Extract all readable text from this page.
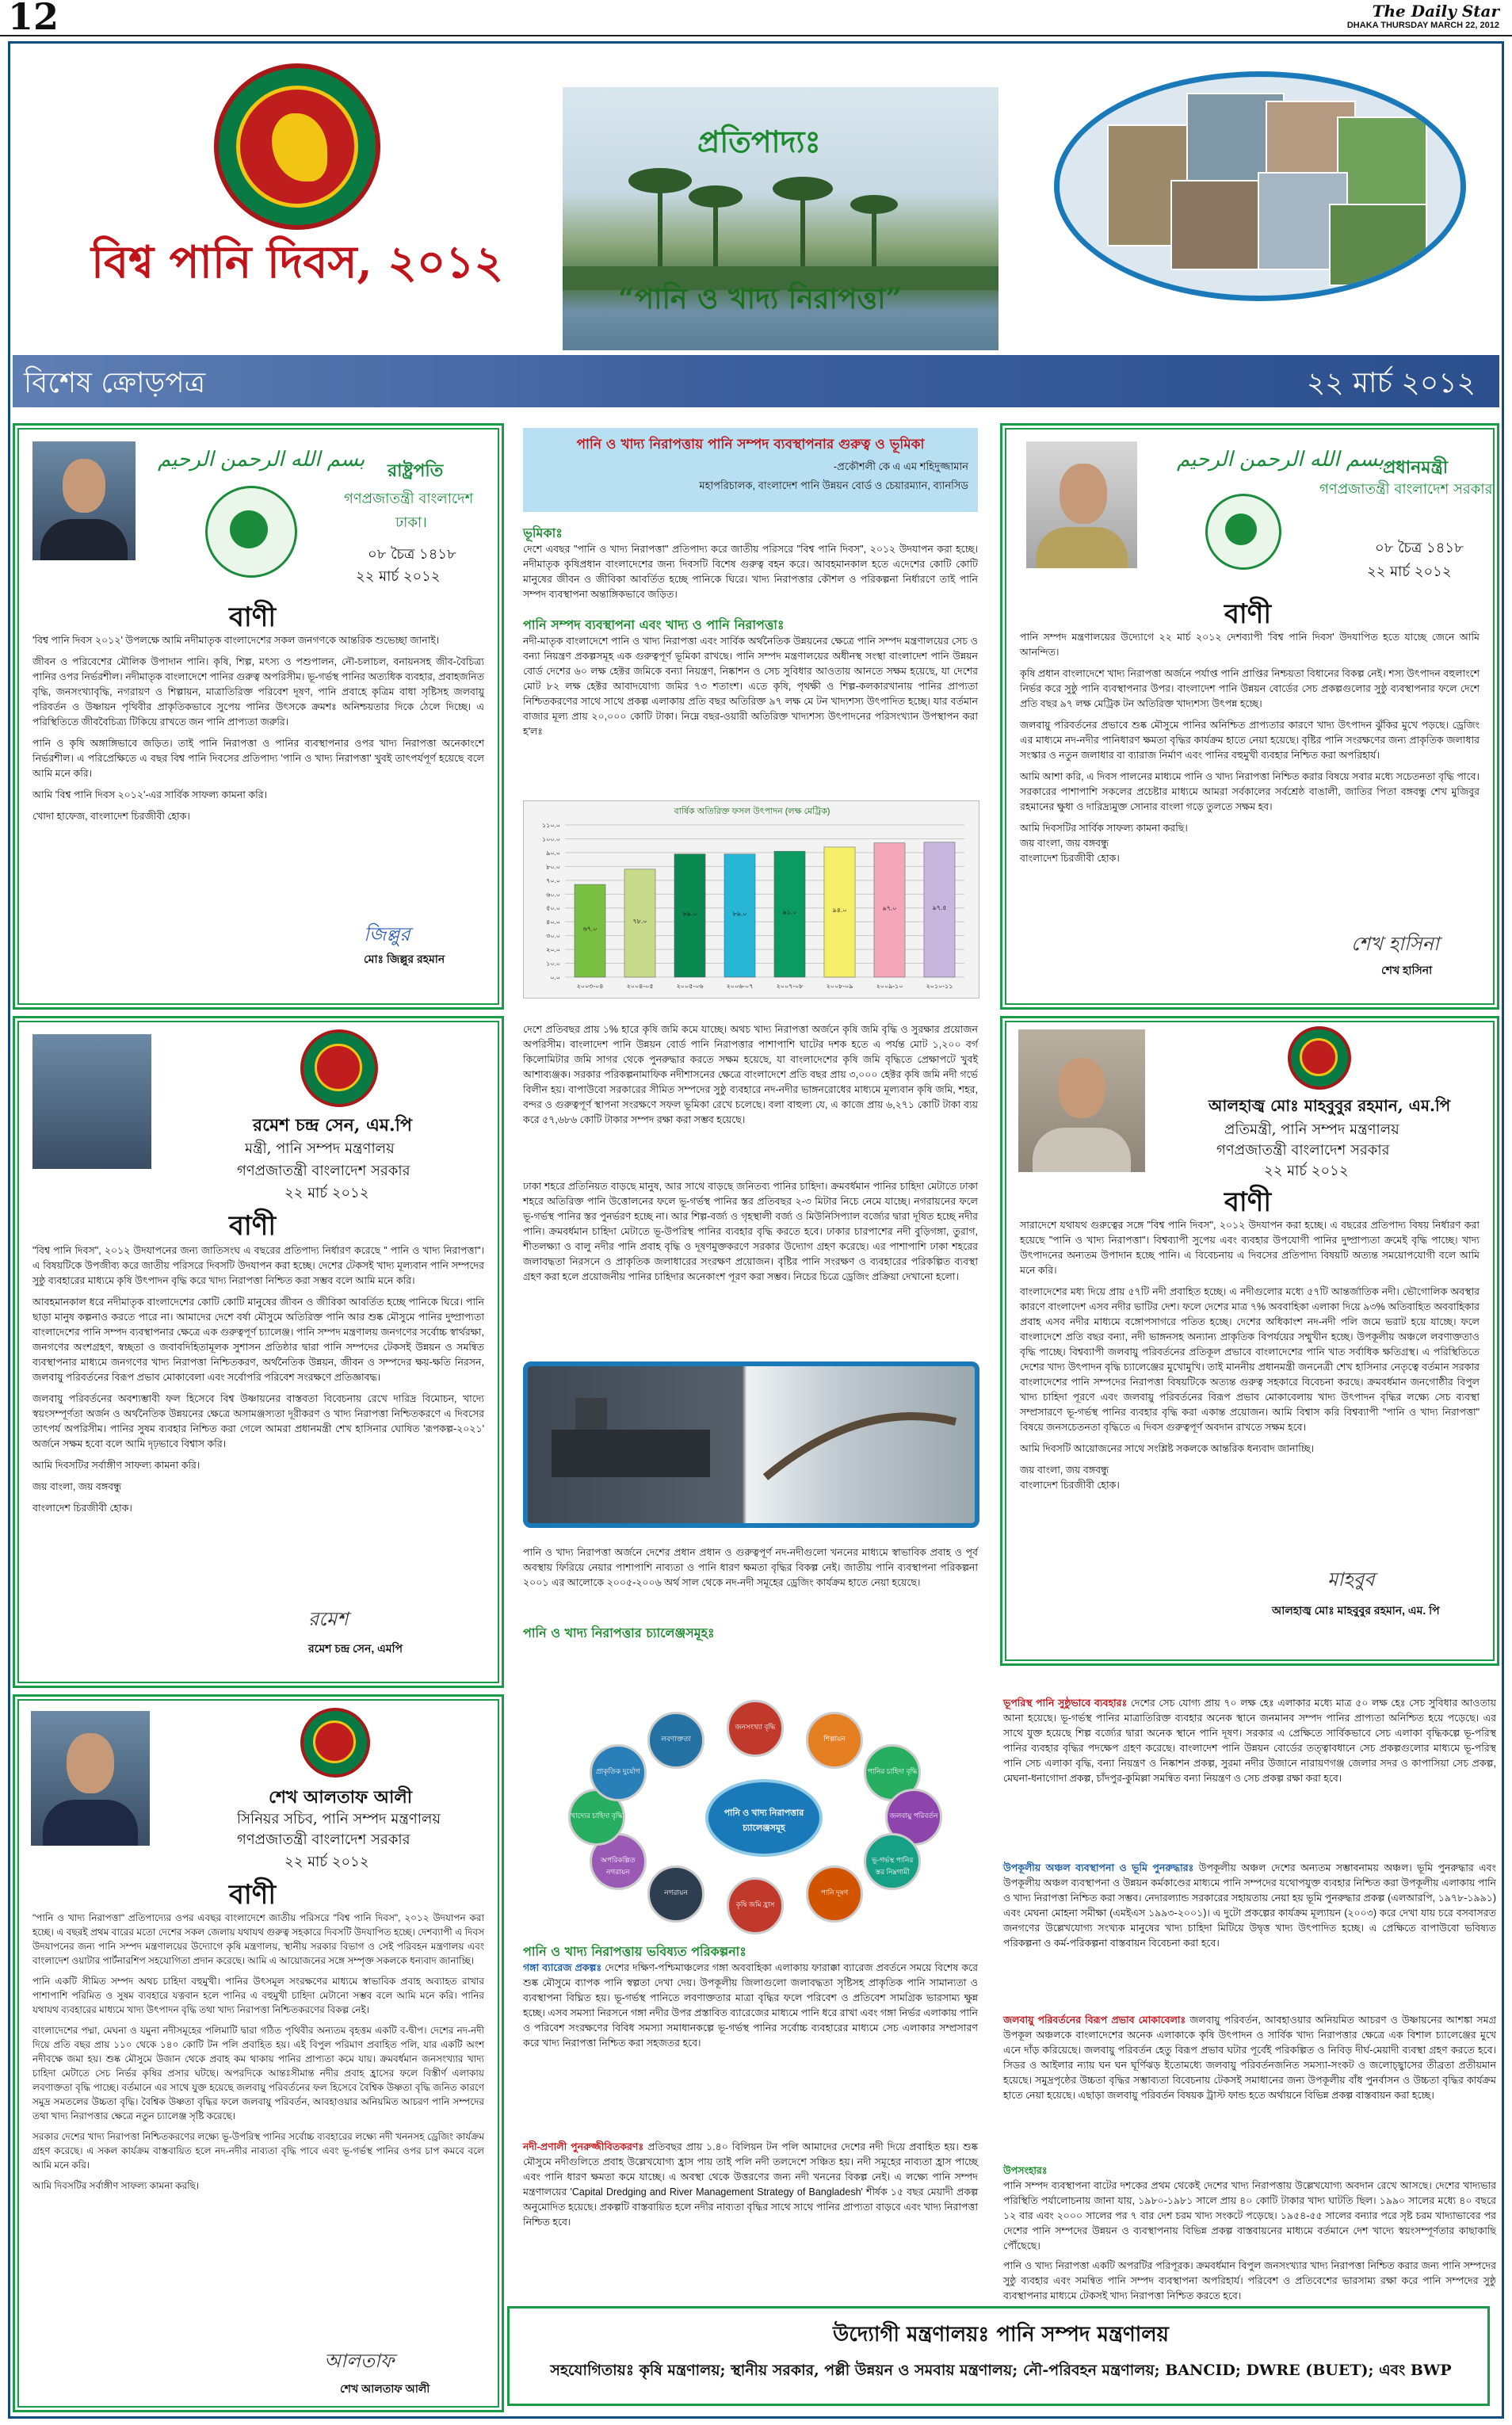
12	The Daily Star
DHAKA THURSDAY MARCH 22, 2012
বিশ্ব পানি দিবস, ২০১২
প্রতিপাদ্যঃ
“পানি ও খাদ্য নিরাপত্তা”
বিশেষ ক্রোড়পত্র	২২ মার্চ ২০১২
بسم الله الرحمن الرحيم রাষ্ট্রপতি
গণপ্রজাতন্ত্রী বাংলাদেশ
ঢাকা।
০৮ চৈত্র ১৪১৮
২২ মার্চ ২০১২
বাণী

'বিশ্ব পানি দিবস ২০১২' উপলক্ষে আমি নদীমাতৃক বাংলাদেশের সকল জনগণকে আন্তরিক শুভেচ্ছা জানাই।

জীবন ও পরিবেশের মৌলিক উপাদান পানি। কৃষি, শিল্প, মৎস্য ও পশুপালন, নৌ-চলাচল, বনায়নসহ জীব-বৈচিত্র্য পানির ওপর নির্ভরশীল। নদীমাতৃক বাংলাদেশে পানির গুরুত্ব অপরিসীম। ভূ-গর্ভস্থ পানির অত্যধিক ব্যবহার, প্রবাহজনিত বৃদ্ধি, জনসংখ্যাবৃদ্ধি, নগরায়ণ ও শিল্পায়ন, মাত্রাতিরিক্ত পরিবেশ দূষণ, পানি প্রবাহে কৃত্রিম বাধা সৃষ্টিসহ জলবায়ু পরিবর্তন ও উষ্ণায়ন পৃথিবীর প্রাকৃতিকভাবে সুপেয় পানির উৎসকে ক্রমশঃ অনিশ্চয়তার দিকে ঠেলে দিচ্ছে। এ পরিস্থিতিতে জীববৈচিত্র্য টিকিয়ে রাখতে জন পানি প্রাপ্যতা জরুরি।

পানি ও কৃষি অঙ্গাঙ্গিভাবে জড়িত। তাই পানি নিরাপত্তা ও পানির ব্যবস্থাপনার ওপর খাদ্য নিরাপত্তা অনেকাংশে নির্ভরশীল। এ পরিপ্রেক্ষিতে এ বছর বিশ্ব পানি দিবসের প্রতিপাদ্য 'পানি ও খাদ্য নিরাপত্তা' খুবই তাৎপর্যপূর্ণ হয়েছে বলে আমি মনে করি।

আমি 'বিশ্ব পানি দিবস ২০১২'-এর সার্বিক সাফল্য কামনা করি।

খোদা হাফেজ, বাংলাদেশ চিরজীবী হোক।

জিল্লুর
মোঃ জিল্লুর রহমান
পানি ও খাদ্য নিরাপত্তায় পানি সম্পদ ব্যবস্থাপনার গুরুত্ব ও ভূমিকা
-প্রকৌশলী কে এ এম শহিদুজ্জামান
মহাপরিচালক, বাংলাদেশ পানি উন্নয়ন বোর্ড ও চেয়ারম্যান, ব্যানসিড
ভূমিকাঃ
দেশে এবছর "পানি ও খাদ্য নিরাপত্তা" প্রতিপাদ্য করে জাতীয় পরিসরে "বিশ্ব পানি দিবস", ২০১২ উদযাপন করা হচ্ছে। নদীমাতৃক কৃষিপ্রধান বাংলাদেশের জন্য দিবসটি বিশেষ গুরুত্ব বহন করে। আবহমানকাল হতে এদেশের কোটি কোটি মানুষের জীবন ও জীবিকা আবর্তিত হচ্ছে পানিকে ঘিরে। খাদ্য নিরাপত্তার কৌশল ও পরিকল্পনা নির্ধারণে তাই পানি সম্পদ ব্যবস্থাপনা অন্তাঙ্গিকভাবে জড়িত।
পানি সম্পদ ব্যবস্থাপনা এবং খাদ্য ও পানি নিরাপত্তাঃ
নদী-মাতৃক বাংলাদেশে পানি ও খাদ্য নিরাপত্তা এবং সার্বিক অর্থনৈতিক উন্নয়নের ক্ষেত্রে পানি সম্পদ মন্ত্রণালয়ের সেচ ও বন্যা নিয়ন্ত্রণ প্রকল্পসমূহ এক গুরুত্বপূর্ণ ভূমিকা রাখছে। পানি সম্পদ মন্ত্রণালয়ের অধীনস্থ সংস্থা বাংলাদেশ পানি উন্নয়ন বোর্ড দেশের ৬০ লক্ষ হেক্টর জমিকে বন্যা নিয়ন্ত্রণ, নিষ্কাশন ও সেচ সুবিধার আওতায় আনতে সক্ষম হয়েছে, যা দেশের মোট ৮২ লক্ষ হেক্টর আবাদযোগ্য জমির ৭৩ শতাংশ। এতে কৃষি, পৃথক্ষী ও শিল্প-কলকারখানায় পানির প্রাপ্যতা নিশ্চিতকরণের সাথে সাথে প্রকল্প এলাকায় প্রতি বছর অতিরিক্ত ৯৭ লক্ষ মে টন খাদ্যশস্য উৎপাদিত হচ্ছে। যার বর্তমান বাজার মূল্য প্রায় ২০,০০০ কোটি টাকা। নিম্নে বছর-ওয়ারী অতিরিক্ত খাদ্যশস্য উৎপাদনের পরিসংখ্যান উপস্থাপন করা হ'লঃ
বার্ষিক অতিরিক্ত ফসল উৎপাদন (লক্ষ মেট্রিক)
০.০
১০.০
২০.০
৩০.০
৪০.০
৫০.০
৬০.০
৭০.০
৮০.০
৯০.০
১০০.০
১১০.০
৬৭.০
৭৮.০
৮৯.০	৮৯.০	৯১.০	৯৪.০	৯৭.০	৯৭.৫
২০০৩-০৪	২০০৪-০৫	২০০৫-০৬	২০০৬-০৭	২০০৭-০৮	২০০৮-০৯	২০০৯-১০	২০১০-১১
রমেশ চন্দ্র সেন, এম.পি
মন্ত্রী, পানি সম্পদ মন্ত্রণালয়
গণপ্রজাতন্ত্রী বাংলাদেশ সরকার
২২ মার্চ ২০১২
বাণী

"বিশ্ব পানি দিবস", ২০১২ উদযাপনের জন্য জাতিসংঘ এ বছরের প্রতিপাদ্য নির্ধারণ করেছে " পানি ও খাদ্য নিরাপত্তা"। এ বিষয়টিকে উপজীব্য করে জাতীয় পরিসরে দিবসটি উদযাপন করা হচ্ছে। দেশের টেকসই খাদ্য মূল্যবান পানি সম্পদের সুষ্ঠু ব্যবহারের মাধ্যমে কৃষি উৎপাদন বৃদ্ধি করে খাদ্য নিরাপত্তা নিশ্চিত করা সম্ভব বলে আমি মনে করি।

আবহমানকাল ধরে নদীমাতৃক বাংলাদেশের কোটি কোটি মানুষের জীবন ও জীবিকা আবর্তিত হচ্ছে পানিকে ঘিরে। পানি ছাড়া মানুষ কল্পনাও করতে পারে না। আমাদের দেশে বর্ষা মৌসুমে অতিরিক্ত পানি আর শুষ্ক মৌসুমে পানির দুষ্প্রাপ্যতা বাংলাদেশের পানি সম্পদ ব্যবস্থাপনার ক্ষেত্রে এক গুরুত্বপূর্ণ চ্যালেঞ্জ। পানি সম্পদ মন্ত্রণালয় জনগণের সর্বোচ্চ স্বার্থরক্ষা, জনগণের অংশগ্রহণ, স্বচ্ছতা ও জবাবদিহিতামূলক সুশাসন প্রতিষ্ঠার দ্বারা পানি সম্পদের টেকসই উন্নয়ন ও সমন্বিত ব্যবস্থাপনার মাধ্যমে জনগণের খাদ্য নিরাপত্তা নিশ্চিতকরণ, অর্থনৈতিক উন্নয়ন, জীবন ও সম্পদের ক্ষয়-ক্ষতি নিরসন, জলবায়ু পরিবর্তনের বিরূপ প্রভাব মোকাবেলা এবং সর্বোপরি পরিবেশ সংরক্ষণে প্রতিজ্ঞাবদ্ধ।

জলবায়ু পরিবর্তনের অবশ্যম্ভাবী ফল হিসেবে বিশ্ব উষ্ণায়নের বাস্তবতা বিবেচনায় রেখে দারিদ্র বিমোচন, খাদ্যে স্বয়ংসম্পূর্ণতা অর্জন ও অর্থনৈতিক উন্নয়নের ক্ষেত্রে অসামঞ্জস্যতা দূরীকরণ ও খাদ্য নিরাপত্তা নিশ্চিতকরণে এ দিবসের তাৎপর্য অপরিসীম। পানির সুষম ব্যবহার নিশ্চিত করা গেলে আমরা প্রধানমন্ত্রী শেখ হাসিনার ঘোষিত 'রূপকল্প-২০২১' অর্জনে সক্ষম হবো বলে আমি দৃঢ়ভাবে বিশ্বাস করি।

আমি দিবসটির সর্বাঙ্গীণ সাফল্য কামনা করি।

জয় বাংলা, জয় বঙ্গবন্ধু

বাংলাদেশ চিরজীবী হোক।

রমেশ
রমেশ চন্দ্র সেন, এমপি
দেশে প্রতিবছর প্রায় ১% হারে কৃষি জমি কমে যাচ্ছে। অথচ খাদ্য নিরাপত্তা অর্জনে কৃষি জমি বৃদ্ধি ও সুরক্ষার প্রয়োজন অপরিসীম। বাংলাদেশ পানি উন্নয়ন বোর্ড পানি নিরাপত্তার পাশাপাশি ঘাটের দশক হতে এ পর্যন্ত মোট ১,২০০ বর্গ কিলোমিটার জমি সাগর থেকে পুনরুদ্ধার করতে সক্ষম হয়েছে, যা বাংলাদেশের কৃষি জমি বৃদ্ধিতে প্রেক্ষাপটে খুবই আশাব্যঞ্জক। সরকার পরিকল্পনামাফিক নদীশাসনের ক্ষেত্রে বাংলাদেশে প্রতি বছর প্রায় ৩,০০০ হেক্টর কৃষি জমি নদী গর্ভে বিলীন হয়। বাপাউবো সরকারের সীমিত সম্পদের সুষ্ঠু ব্যবহারে নদ-নদীর ভাঙ্গনরোধের মাধ্যমে মূল্যবান কৃষি জমি, শহর, বন্দর ও গুরুত্বপূর্ণ স্থাপনা সংরক্ষণে সফল ভূমিকা রেখে চলেছে। বলা বাহুল্য যে, এ কাজে প্রায় ৬,২৭১ কোটি টাকা ব্যয় করে ৫৭,৬৮৬ কোটি টাকার সম্পদ রক্ষা করা সম্ভব হয়েছে।
ঢাকা শহরে প্রতিনিয়ত বাড়ছে মানুষ, আর সাথে বাড়ছে জনিতব্য পানির চাহিদা। ক্রমবর্ধমান পানির চাহিদা মেটাতে ঢাকা শহরে অতিরিক্ত পানি উত্তোলনের ফলে ভূ-গর্ভস্থ পানির স্তর প্রতিবছর ২-৩ মিটার নিচে নেমে যাচ্ছে। নগরায়নের ফলে ভূ-গর্ভস্থ পানির স্তর পুনর্ভরণ হচ্ছে না। আর শিল্প-বর্জ্য ও গৃহস্থালী বর্জ্য ও মিউনিসিপ্যাল বর্জ্যের দ্বারা দূষিত হচ্ছে নদীর পানি। ক্রমবর্ধমান চাহিদা মেটাতে ভূ-উপরিস্থ পানির ব্যবহার বৃদ্ধি করতে হবে। ঢাকার চারপাশের নদী বুড়িগঙ্গা, তুরাগ, শীতলক্ষ্যা ও বালু নদীর পানি প্রবাহ বৃদ্ধি ও দূষণমুক্তকরণে সরকার উদ্যোগ গ্রহণ করেছে। এর পাশাপাশি ঢাকা শহরের জলাবদ্ধতা নিরসনে ও প্রাকৃতিক জলাধারের সংরক্ষণ প্রয়োজন। বৃষ্টির পানি সংরক্ষণ ও ব্যবহারের পরিকল্পিত ব্যবস্থা গ্রহণ করা হলে প্রয়োজনীয় পানির চাহিদার অনেকাংশ পূরণ করা সম্ভব। নিচের চিত্রে ড্রেজিং প্রক্রিয়া দেখানো হলো।
পানি ও খাদ্য নিরাপত্তা অর্জনে দেশের প্রধান প্রধান ও গুরুত্বপূর্ণ নদ-নদীগুলো খননের মাধ্যমে স্বাভাবিক প্রবাহ ও পূর্ব অবস্থায় ফিরিয়ে নেয়ার পাশাপাশি নাব্যতা ও পানি ধারণ ক্ষমতা বৃদ্ধির বিকল্প নেই। জাতীয় পানি ব্যবস্থাপনা পরিকল্পনা ২০০১ এর আলোকে ২০০৫-২০০৬ অর্থ সাল থেকে নদ-নদী সমূহের ড্রেজিং কার্যক্রম হাতে নেয়া হয়েছে।
পানি ও খাদ্য নিরাপত্তার চ্যালেঞ্জসমূহঃ
পানি ও খাদ্য নিরাপত্তার চ্যালেঞ্জসমূহ
জনসংখ্যা বৃদ্ধি
শিল্পায়ন
পানির চাহিদা বৃদ্ধি
জলবায়ু পরিবর্তন
ভূ-গর্ভস্থ পানির স্তর নিম্নগামী
পানি দূষণ
কৃষি জমি হ্রাস
নগরায়ন
অপরিকল্পিত নগরায়ন
খাদ্যের চাহিদা বৃদ্ধি
প্রাকৃতিক দুর্যোগ
লবণাক্ততা
পানি ও খাদ্য নিরাপত্তায় ভবিষ্যত পরিকল্পনাঃ
গঙ্গা ব্যারেজ প্রকল্পঃ দেশের দক্ষিণ-পশ্চিমাঞ্চলের গঙ্গা অববাহিকা এলাকায় ফারাক্কা ব্যারেজ প্রবর্তনে সময়ে বিশেষ করে শুষ্ক মৌসুমে ব্যাপক পানি স্বল্পতা দেখা দেয়। উপকূলীয় জিলাগুলো জলাবদ্ধতা সৃষ্টিসহ প্রাকৃতিক পানি সামান্যতা ও ব্যবস্থাপনা বিঘ্নিত হয়। ভূ-গর্ভস্থ পানিতে লবণাক্ততার মাত্রা বৃদ্ধির ফলে পরিবেশ ও প্রতিবেশ সামগ্রিক ভারসাম্য ক্ষুন্ন হচ্ছে। এসব সমস্যা নিরসনে গঙ্গা নদীর উপর প্রস্তাবিত ব্যারেজের মাধ্যমে পানি ধরে রাখা এবং গঙ্গা নির্ভর এলাকায় পানি ও পরিবেশ সংরক্ষণের বিবিধ সমস্যা সমাধানকল্পে ভূ-গর্ভস্থ পানির সর্বোচ্চ ব্যবহারের মাধ্যমে সেচ এলাকার সম্প্রসারণ করে খাদ্য নিরাপত্তা নিশ্চিত করা সহজতর হবে।
নদী-প্রণালী পুনরুজ্জীবিতকরণঃ প্রতিবছর প্রায় ১.৪০ বিলিয়ন টন পলি আমাদের দেশের নদী দিয়ে প্রবাহিত হয়। শুষ্ক মৌসুমে নদীগুলিতে প্রবাহ উল্লেখযোগ্য হ্রাস পায় তাই পলি নদী তলদেশে সঞ্চিত হয়। নদী সমূহের নাব্যতা হ্রাস পাচ্ছে এবং পানি ধারণ ক্ষমতা কমে যাচ্ছে। এ অবস্থা থেকে উত্তরণের জন্য নদী খননের বিকল্প নেই। এ লক্ষ্যে পানি সম্পদ মন্ত্রণালয়ের 'Capital Dredging and River Management Strategy of Bangladesh' শীর্ষক ১৫ বছর মেয়াদী প্রকল্প অনুমোদিত হয়েছে। প্রকল্পটি বাস্তবায়িত হলে নদীর নাব্যতা বৃদ্ধির সাথে সাথে পানির প্রাপ্যতা বাড়বে এবং খাদ্য নিরাপত্তা নিশ্চিত হবে।
بسم الله الرحمن الرحيم
প্রধানমন্ত্রী
গণপ্রজাতন্ত্রী বাংলাদেশ সরকার
০৮ চৈত্র ১৪১৮
২২ মার্চ ২০১২
বাণী

পানি সম্পদ মন্ত্রণালয়ের উদ্যোগে ২২ মার্চ ২০১২ দেশব্যাপী 'বিশ্ব পানি দিবস' উদযাপিত হতে যাচ্ছে জেনে আমি আনন্দিত।

কৃষি প্রধান বাংলাদেশে খাদ্য নিরাপত্তা অর্জনে পর্যাপ্ত পানি প্রাপ্তির নিশ্চয়তা বিধানের বিকল্প নেই। শস্য উৎপাদন বহুলাংশে নির্ভর করে সুষ্ঠু পানি ব্যবস্থাপনার উপর। বাংলাদেশ পানি উন্নয়ন বোর্ডের সেচ প্রকল্পগুলোর সুষ্ঠু ব্যবস্থাপনার ফলে দেশে প্রতি বছর ৯৭ লক্ষ মেট্রিক টন অতিরিক্ত খাদ্যশস্য উৎপন্ন হচ্ছে।

জলবায়ু পরিবর্তনের প্রভাবে শুষ্ক মৌসুমে পানির অনিশ্চিত প্রাপ্যতার কারণে খাদ্য উৎপাদন ঝুঁকির মুখে পড়ছে। ড্রেজিং এর মাধ্যমে নদ-নদীর পানিধারণ ক্ষমতা বৃদ্ধির কার্যক্রম হাতে নেয়া হয়েছে। বৃষ্টির পানি সংরক্ষণের জন্য প্রাকৃতিক জলাধার সংস্কার ও নতুন জলাধার বা ব্যারাজ নির্মাণ এবং পানির বহুমুখী ব্যবহার নিশ্চিত করা অপরিহার্য।

আমি আশা করি, এ দিবস পালনের মাধ্যমে পানি ও খাদ্য নিরাপত্তা নিশ্চিত করার বিষয়ে সবার মধ্যে সচেতনতা বৃদ্ধি পাবে। সরকারের পাশাপাশি সকলের প্রচেষ্টার মাধ্যমে আমরা সর্বকালের সর্বশ্রেষ্ঠ বাঙালী, জাতির পিতা বঙ্গবন্ধু শেখ মুজিবুর রহমানের ক্ষুধা ও দারিদ্র্যমুক্ত সোনার বাংলা গড়ে তুলতে সক্ষম হব।

আমি দিবসটির সার্বিক সাফল্য কামনা করছি।

জয় বাংলা, জয় বঙ্গবন্ধু

বাংলাদেশ চিরজীবী হোক।

শেখ হাসিনা
শেখ হাসিনা
আলহাজ্ব মোঃ মাহবুবুর রহমান, এম.পি
প্রতিমন্ত্রী, পানি সম্পদ মন্ত্রণালয়
গণপ্রজাতন্ত্রী বাংলাদেশ সরকার
২২ মার্চ ২০১২
বাণী

সারাদেশে যথাযথ গুরুত্বের সঙ্গে "বিশ্ব পানি দিবস", ২০১২ উদযাপন করা হচ্ছে। এ বছরের প্রতিপাদ্য বিষয় নির্ধারণ করা হয়েছে "পানি ও খাদ্য নিরাপত্তা"। বিশ্বব্যাপী সুপেয় এবং ব্যবহার উপযোগী পানির দুষ্প্রাপ্যতা ক্রমেই বৃদ্ধি পাচ্ছে। খাদ্য উৎপাদনের অন্যতম উপাদান হচ্ছে পানি। এ বিবেচনায় এ দিবসের প্রতিপাদ্য বিষয়টি অত্যন্ত সময়োপযোগী বলে আমি মনে করি।

বাংলাদেশের মধ্য দিয়ে প্রায় ৫৭টি নদী প্রবাহিত হচ্ছে। এ নদীগুলোর মধ্যে ৫৭টি আন্তর্জাতিক নদী। ভৌগোলিক অবস্থার কারণে বাংলাদেশ এসব নদীর ভাটির দেশ। ফলে দেশের মাত্র ৭% অববাহিকা এলাকা দিয়ে ৯৩% অতিবাহিত অববাহিকার প্রবাহ এসব নদীর মাধ্যমে বঙ্গোপসাগরে পতিত হচ্ছে। দেশের অধিকাংশ নদ-নদী পলি জমে ভরাট হয়ে যাচ্ছে। ফলে বাংলাদেশে প্রতি বছর বন্যা, নদী ভাঙ্গনসহ অন্যান্য প্রাকৃতিক বিপর্যয়ের সম্মুখীন হচ্ছে। উপকূলীয় অঞ্চলে লবণাক্ততাও বৃদ্ধি পাচ্ছে। বিশ্বব্যাপী জলবায়ু পরিবর্তনের প্রতিকূল প্রভাবে বাংলাদেশের পানি খাত সর্বাধিক ক্ষতিগ্রস্থ। এ পরিস্থিতিতে দেশের খাদ্য উৎপাদন বৃদ্ধি চ্যালেঞ্জের মুখোমুখি। তাই মাননীয় প্রধানমন্ত্রী জননেত্রী শেখ হাসিনার নেতৃত্বে বর্তমান সরকার বাংলাদেশের পানি সম্পদের নিরাপত্তা বিষয়টিকে অত্যন্ত গুরুত্ব সহকারে বিবেচনা করছে। ক্রমবর্ধমান জনগোষ্ঠীর বিপুল খাদ্য চাহিদা পূরণে এবং জলবায়ু পরিবর্তনের বিরূপ প্রভাব মোকাবেলায় খাদ্য উৎপাদন বৃদ্ধির লক্ষ্যে সেচ ব্যবস্থা সম্প্রসারণে ভূ-গর্ভস্থ পানির ব্যবহার বৃদ্ধি করা একান্ত প্রয়োজন। আমি বিশ্বাস করি বিশ্বব্যাপী "পানি ও খাদ্য নিরাপত্তা" বিষয়ে জনসচেতনতা বৃদ্ধিতে এ দিবস গুরুত্বপূর্ণ অবদান রাখতে সক্ষম হবে।

আমি দিবসটি আয়োজনের সাথে সংশ্লিষ্ট সকলকে আন্তরিক ধন্যবাদ জানাচ্ছি।

জয় বাংলা, জয় বঙ্গবন্ধু

বাংলাদেশ চিরজীবী হোক।

মাহবুব
আলহাজ্ব মোঃ মাহবুবুর রহমান, এম. পি
শেখ আলতাফ আলী
সিনিয়র সচিব, পানি সম্পদ মন্ত্রণালয়
গণপ্রজাতন্ত্রী বাংলাদেশ সরকার
২২ মার্চ ২০১২
বাণী

"পানি ও খাদ্য নিরাপত্তা" প্রতিপাদ্যের ওপর এবছর বাংলাদেশে জাতীয় পরিসরে "বিশ্ব পানি দিবস", ২০১২ উদযাপন করা হচ্ছে। এ বছরই প্রথম বারের মতো দেশের সকল জেলায় যথাযথ গুরুত্ব সহকারে দিবসটি উদযাপিত হচ্ছে। দেশব্যাপী এ দিবস উদযাপনের জন্য পানি সম্পদ মন্ত্রণালয়ের উদ্যোগে কৃষি মন্ত্রণালয়, স্থানীয় সরকার বিভাগ ও সেই পরিবহন মন্ত্রণালয় এবং বাংলাদেশ ওয়াটার পার্টনারশিপ সহযোগিতা প্রদান করেছে। আমি এ আয়োজনের সঙ্গে সম্পৃক্ত সকলকে ধন্যবাদ জানাচ্ছি।

পানি একটি সীমিত সম্পদ অথচ চাহিদা বহুমুখী। পানির উৎসমূল সংরক্ষণের মাধ্যমে স্বাভাবিক প্রবাহ অব্যাহত রাখার পাশাপাশি পরিমিত ও সুষম ব্যবহারে যত্নবান হলে পানির এ বহুমুখী চাহিদা মেটানো সম্ভব বলে আমি মনে করি। পানির যথাযথ ব্যবহারের মাধ্যমে খাদ্য উৎপাদন বৃদ্ধি তথা খাদ্য নিরাপত্তা নিশ্চিতকরণের বিকল্প নেই।

বাংলাদেশের পদ্মা, মেঘনা ও যমুনা নদীসমূহের পলিমাটি দ্বারা গঠিত পৃথিবীর অন্যতম বৃহত্তম একটি ব-দ্বীপ। দেশের নদ-নদী দিয়ে প্রতি বছর প্রায় ১১০ থেকে ১৪০ কোটি টন পলি প্রবাহিত হয়। এই বিপুল পরিমাণ প্রবাহিত পলি, যার একটি অংশ নদীবক্ষে জমা হয়। শুষ্ক মৌসুমে উজান থেকে প্রবাহ কম থাকায় পানির প্রাপ্যতা কমে যায়। ক্রমবর্ধমান জনসংখ্যার খাদ্য চাহিদা মেটাতে সেচ নির্ভর কৃষির প্রসার ঘটছে। অপরদিকে আন্তঃসীমান্ত নদীর প্রবাহ হ্রাসের ফলে বিস্তীর্ণ এলাকায় লবণাক্ততা বৃদ্ধি পাচ্ছে। বর্তমানে এর সাথে যুক্ত হয়েছে জলবায়ু পরিবর্তনের ফল হিসেবে বৈশ্বিক উষ্ণতা বৃদ্ধি জনিত কারণে সমুদ্র সমতলের উচ্চতা বৃদ্ধি। বৈশ্বিক উষ্ণতা বৃদ্ধির ফলে জলবায়ু পরিবর্তন, আবহাওয়ার অনিয়মিত আচরণ পানি সম্পদের তথা খাদ্য নিরাপত্তার ক্ষেত্রে নতুন চ্যালেঞ্জ সৃষ্টি করেছে।

সরকার দেশের খাদ্য নিরাপত্তা নিশ্চিতকরণের লক্ষ্যে ভূ-উপরিস্থ পানির সর্বোচ্চ ব্যবহারের লক্ষ্যে নদী খননসহ ড্রেজিং কার্যক্রম গ্রহণ করেছে। এ সকল কার্যক্রম বাস্তবায়িত হলে নদ-নদীর নাব্যতা বৃদ্ধি পাবে এবং ভূ-গর্ভস্থ পানির ওপর চাপ কমবে বলে আমি মনে করি।

আমি দিবসটির সর্বাঙ্গীণ সাফল্য কামনা করছি।

আলতাফ
শেখ আলতাফ আলী
ভূপরিস্থ পানি সুষ্ঠুভাবে ব্যবহারঃ দেশের সেচ যোগ্য প্রায় ৭০ লক্ষ হেঃ এলাকার মধ্যে মাত্র ৫০ লক্ষ হেঃ সেচ সুবিধার আওতায় আনা হয়েছে। ভূ-গর্ভস্থ পানির মাত্রাতিরিক্ত ব্যবহার অনেক স্থানে জনমানব সম্পদ পানির প্রাপ্যতা অনিশ্চিত হয়ে পড়েছে। এর সাথে যুক্ত হয়েছে শিল্প বর্জ্যের দ্বারা অনেক স্থানে পানি দূষণ। সরকার এ প্রেক্ষিতে সার্বিকভাবে সেচ এলাকা বৃদ্ধিকল্পে ভূ-পরিস্থ পানির ব্যবহার বৃদ্ধির পদক্ষেপ গ্রহণ করেছে। বাংলাদেশ পানি উন্নয়ন বোর্ডের তত্ত্বাবধানে সেচ প্রকল্পগুলোর মাধ্যমে ভূ-পরিস্থ পানি সেচ এলাকা বৃদ্ধি, বন্যা নিয়ন্ত্রণ ও নিষ্কাশন প্রকল্প, সুরমা নদীর উজানে নারায়ণগঞ্জ জেলার সদর ও কাপাসিয়া সেচ প্রকল্প, মেঘনা-ধনাগোদা প্রকল্প, চাঁদপুর-কুমিল্লা সমন্বিত বন্যা নিয়ন্ত্রণ ও সেচ প্রকল্প রক্ষা করা হবে।
উপকূলীয় অঞ্চল ব্যবস্থাপনা ও ভূমি পুনরুদ্ধারঃ উপকূলীয় অঞ্চল দেশের অন্যতম সম্ভাবনাময় অঞ্চল। ভূমি পুনরুদ্ধার এবং উপকূলীয় অঞ্চল ব্যবস্থাপনা ও উন্নয়ন কর্মকাণ্ডের মাধ্যমে পানি সম্পদের যথোপযুক্ত ব্যবহার নিশ্চিত করা উপকূলীয় এলাকায় পানি ও খাদ্য নিরাপত্তা নিশ্চিত করা সম্ভব। নেদারল্যান্ড সরকারের সহায়তায় নেয়া হয় ভূমি পুনরুদ্ধার প্রকল্প (এলআরপি, ১৯৭৮-১৯৯১) এবং মেঘনা মোহনা সমীক্ষা (এমইএস ১৯৯৩-২০০১)। এ দুটো প্রকল্পের কার্যক্রম মূল্যায়ন (২০০৩) করে দেখা যায় চরে বসবাসরত জনগণের উল্লেখযোগ্য সংখ্যক মানুষের খাদ্য চাহিদা মিটিয়ে উদ্বৃত্ত খাদ্য উৎপাদিত হচ্ছে। এ প্রেক্ষিতে বাপাউবো ভবিষ্যত পরিকল্পনা ও কর্ম-পরিকল্পনা বাস্তবায়ন বিবেচনা করা হবে।
জলবায়ু পরিবর্তনের বিরূপ প্রভাব মোকাবেলাঃ জলবায়ু পরিবর্তন, আবহাওয়ার অনিয়মিত আচরণ ও উষ্ণায়নের আশঙ্কা সমগ্র উপকূল অঞ্চলকে বাংলাদেশের অনেক এলাকাকে কৃষি উৎপাদন ও সার্বিক খাদ্য নিরাপত্তার ক্ষেত্রে এক বিশাল চ্যালেঞ্জের মুখে এনে দাঁড় করিয়েছে। জলবায়ু পরিবর্তন হেতু বিরূপ প্রভাব ঘটার পূর্বেই পরিকল্পিত ও নিবিড় দীর্ঘ-মেয়াদী ব্যবস্থা গ্রহণ করতে হবে। সিডর ও আইলার ন্যায় ঘন ঘন ঘূর্ণিঝড় ইতোমধ্যে জলবায়ু পরিবর্তনজনিত সমস্যা-সংকট ও জলোচ্ছ্বাসের তীব্রতা প্রতীয়মান হয়েছে। সমুদ্রপৃষ্ঠের উচ্চতা বৃদ্ধির সম্ভাব্যতা বিবেচনায় টেকসই সমাধানের জন্য উপকূলীয় বাঁধ পুনর্বাসন ও উচ্চতা বৃদ্ধির কার্যক্রম হাতে নেয়া হয়েছে। এছাড়া জলবায়ু পরিবর্তন বিষয়ক ট্রাস্ট ফান্ড হতে অর্থায়নে বিভিন্ন প্রকল্প বাস্তবায়ন করা হচ্ছে।
উপসংহারঃ
পানি সম্পদ ব্যবস্থাপনা বাটের দশকের প্রথম থেকেই দেশের খাদ্য নিরাপত্তায় উল্লেখযোগ্য অবদান রেখে আসছে। দেশের খাদ্যভার পরিস্থিতি পর্যালোচনায় জানা যায়, ১৯৮০-১৯৮১ সালে প্রায় ৪০ কোটি টাকার খাদ্য ঘাটতি ছিল। ১৯৯০ সালের মধ্যে ৪০ বছরে ১২ বার এবং ২০০০ সালের পর ৭ বার দেশ চরম খাদ্য সংকটে পড়েছে। ১৯৫৪-৫৫ সালের বন্যার পরে সৃষ্ট চরম খাদ্যাভাবের পর দেশের পানি সম্পদের উন্নয়ন ও ব্যবস্থাপনায় বিভিন্ন প্রকল্প বাস্তবায়নের মাধ্যমে বর্তমানে দেশ খাদ্যে স্বয়ংসম্পূর্ণতার কাছাকাছি পৌঁছেছে।
পানি ও খাদ্য নিরাপত্তা একটি অপরটির পরিপূরক। ক্রমবর্ধমান বিপুল জনসংখ্যার খাদ্য নিরাপত্তা নিশ্চিত করার জন্য পানি সম্পদের সুষ্ঠু ব্যবহার এবং সমন্বিত পানি সম্পদ ব্যবস্থাপনা অপরিহার্য। পরিবেশ ও প্রতিবেশের ভারসাম্য রক্ষা করে পানি সম্পদের সুষ্ঠু ব্যবস্থাপনার মাধ্যমে টেকসই খাদ্য নিরাপত্তা নিশ্চিত করতে হবে।
উদ্যোগী মন্ত্রণালয়ঃ পানি সম্পদ মন্ত্রণালয়
সহযোগিতায়ঃ কৃষি মন্ত্রণালয়; স্থানীয় সরকার, পল্লী উন্নয়ন ও সমবায় মন্ত্রণালয়; নৌ-পরিবহন মন্ত্রণালয়; BANCID; DWRE (BUET); এবং BWP
